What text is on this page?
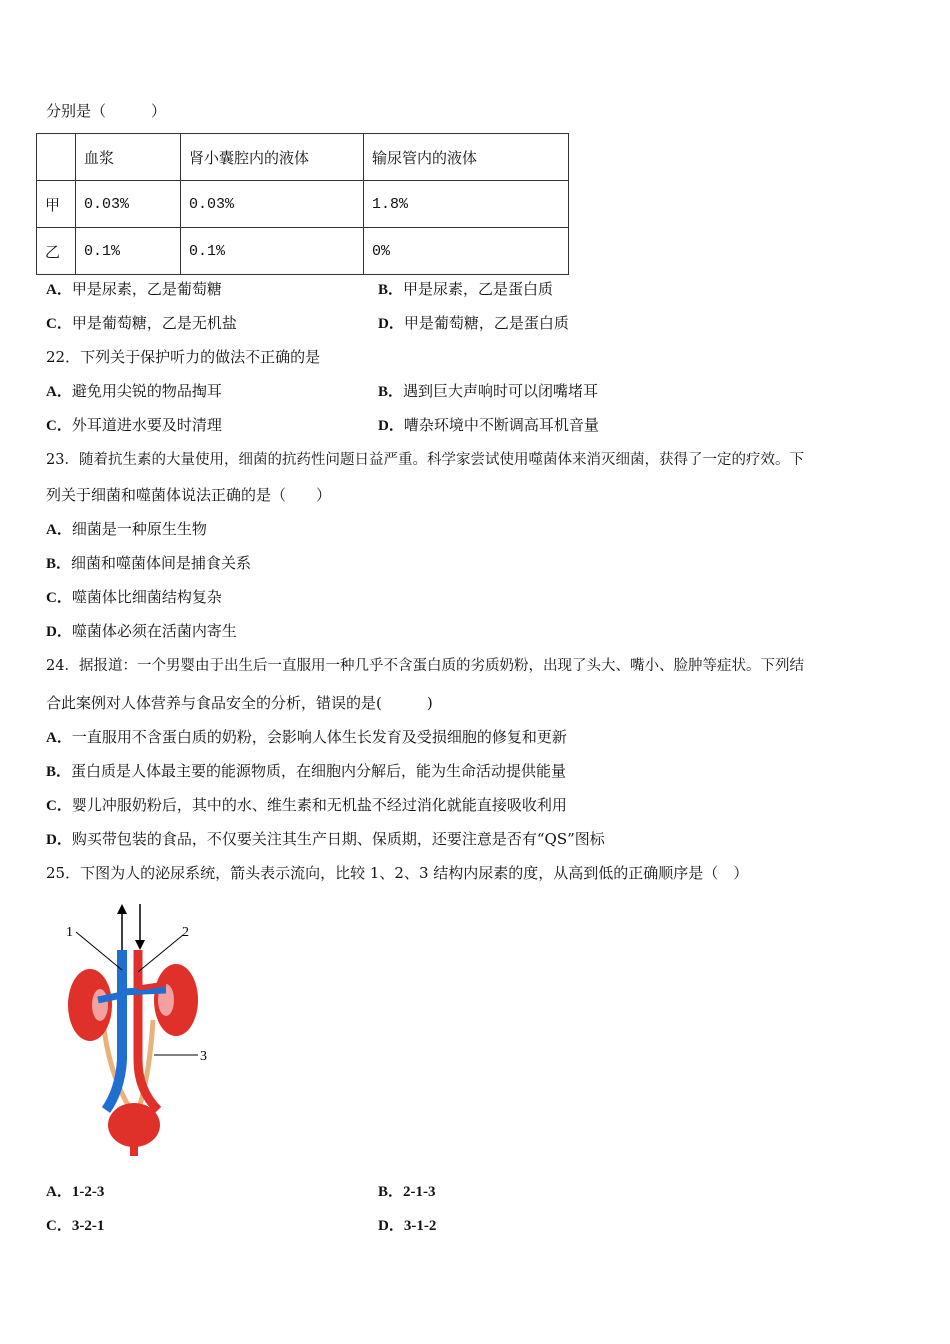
分别是（　　　）
	血浆	肾小囊腔内的液体	输尿管内的液体
甲	0.03%	0.03%	1.8%
乙	0.1%	0.1%	0%
A．甲是尿素，乙是葡萄糖	B．甲是尿素，乙是蛋白质
C．甲是葡萄糖，乙是无机盐	D．甲是葡萄糖，乙是蛋白质
22．下列关于保护听力的做法不正确的是
A．避免用尖锐的物品掏耳	B．遇到巨大声响时可以闭嘴堵耳
C．外耳道进水要及时清理	D．嘈杂环境中不断调高耳机音量
23．随着抗生素的大量使用，细菌的抗药性问题日益严重。科学家尝试使用噬菌体来消灭细菌，获得了一定的疗效。下
列关于细菌和噬菌体说法正确的是（　　）
A．细菌是一种原生生物
B．细菌和噬菌体间是捕食关系
C．噬菌体比细菌结构复杂
D．噬菌体必须在活菌内寄生
24．据报道：一个男婴由于出生后一直服用一种几乎不含蛋白质的劣质奶粉，出现了头大、嘴小、脸肿等症状。下列结
合此案例对人体营养与食品安全的分析，错误的是(　　　)
A．一直服用不含蛋白质的奶粉，会影响人体生长发育及受损细胞的修复和更新
B．蛋白质是人体最主要的能源物质，在细胞内分解后，能为生命活动提供能量
C．婴儿冲服奶粉后，其中的水、维生素和无机盐不经过消化就能直接吸收利用
D．购买带包装的食品，不仅要关注其生产日期、保质期，还要注意是否有“QS”图标
25．下图为人的泌尿系统，箭头表示流向，比较 1、2、3 结构内尿素的度，从高到低的正确顺序是（　）
1	2
3
A．1-2-3	B．2-1-3
C．3-2-1	D．3-1-2
